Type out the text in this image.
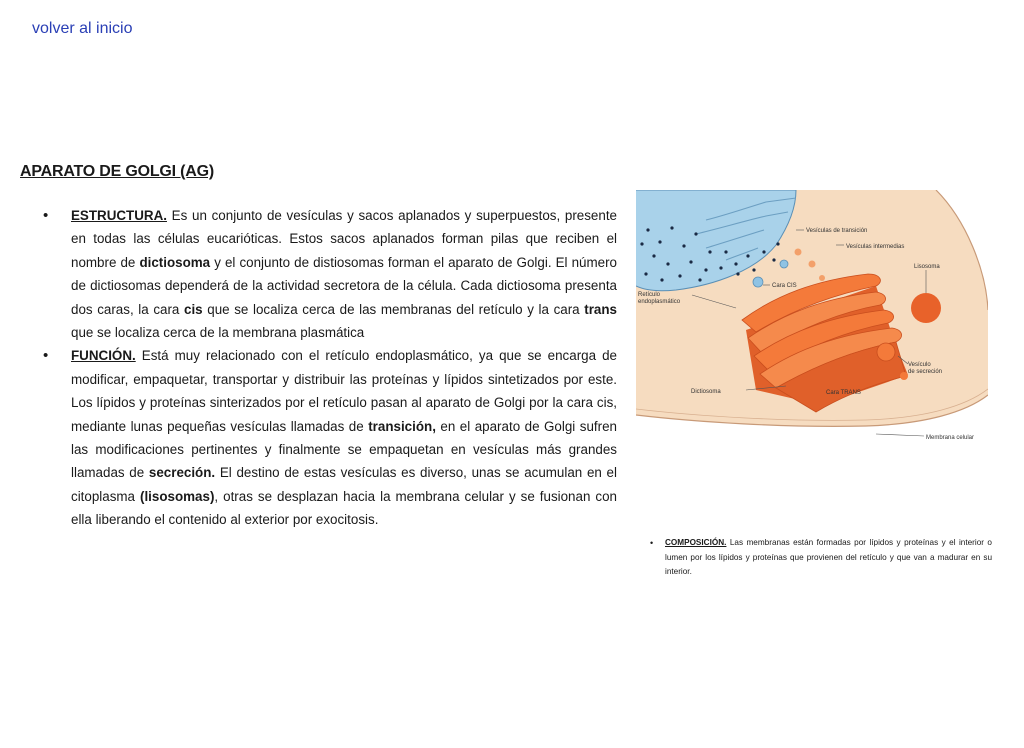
volver al inicio
APARATO DE GOLGI (AG)
• ESTRUCTURA. Es un conjunto de vesículas y sacos aplanados y superpuestos, presente en todas las células eucarióticas. Estos sacos aplanados forman pilas que reciben el nombre de dictiosoma y el conjunto de distiosomas forman el aparato de Golgi. El número de dictiosomas dependerá de la actividad secretora de la célula. Cada dictiosoma presenta dos caras, la cara cis que se localiza cerca de las membranas del retículo y la cara trans que se localiza cerca de la membrana plasmática
• FUNCIÓN. Está muy relacionado con el retículo endoplasmático, ya que se encarga de modificar, empaquetar, transportar y distribuir las proteínas y lípidos sintetizados por este. Los lípidos y proteínas sinterizados por el retículo pasan al aparato de Golgi por la cara cis, mediante lunas pequeñas vesículas llamadas de transición, en el aparato de Golgi sufren las modificaciones pertinentes y finalmente se empaquetan en vesículas más grandes llamadas de secreción. El destino de estas vesículas es diverso, unas se acumulan en el citoplasma (lisosomas), otras se desplazan hacia la membrana celular y se fusionan con ella liberando el contenido al exterior por exocitosis.
Vesículas de transición
Vesículas intermedias
Lisosoma
Cara CIS
Retículo
endoplasmático
Vesículo
de secreción
Dictiosoma	Cara TRANS
Membrana celular
• COMPOSICIÓN. Las membranas están formadas por lípidos y proteínas y el interior o lumen por los lípidos y proteínas que provienen del retículo y que van a madurar en su interior.
